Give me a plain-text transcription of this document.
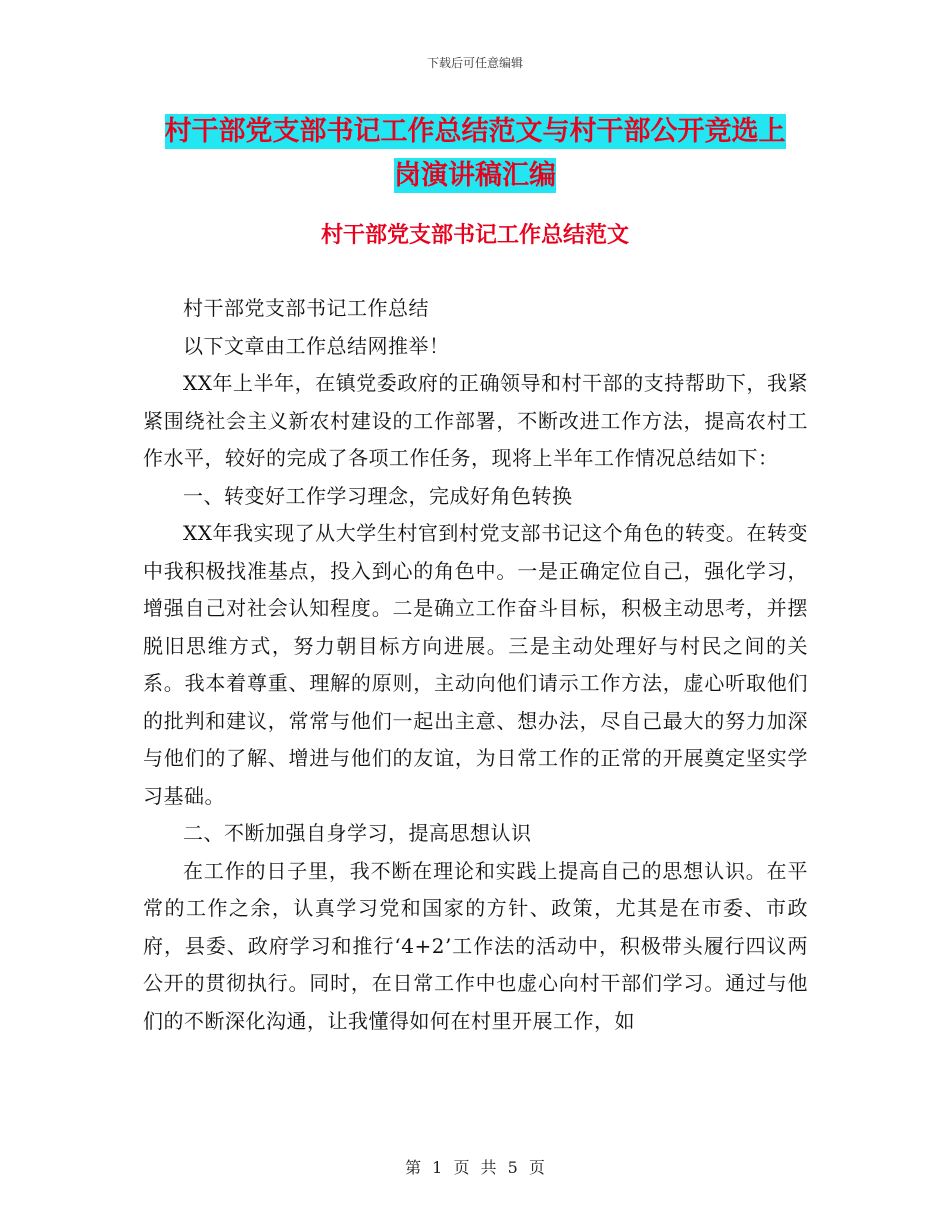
下载后可任意编辑
村干部党支部书记工作总结范文与村干部公开竞选上
岗演讲稿汇编
村干部党支部书记工作总结范文

村干部党支部书记工作总结

以下文章由工作总结网推举！

XX年上半年，在镇党委政府的正确领导和村干部的支持帮助下，我紧紧围绕社会主义新农村建设的工作部署，不断改进工作方法，提高农村工作水平，较好的完成了各项工作任务，现将上半年工作情况总结如下：

一、转变好工作学习理念，完成好角色转换

XX年我实现了从大学生村官到村党支部书记这个角色的转变。在转变中我积极找准基点，投入到心的角色中。一是正确定位自己，强化学习，增强自己对社会认知程度。二是确立工作奋斗目标，积极主动思考，并摆脱旧思维方式，努力朝目标方向进展。三是主动处理好与村民之间的关系。我本着尊重、理解的原则，主动向他们请示工作方法，虚心听取他们的批判和建议，常常与他们一起出主意、想办法，尽自己最大的努力加深与他们的了解、增进与他们的友谊，为日常工作的正常的开展奠定坚实学习基础。

二、不断加强自身学习，提高思想认识

在工作的日子里，我不断在理论和实践上提高自己的思想认识。在平常的工作之余，认真学习党和国家的方针、政策，尤其是在市委、市政府，县委、政府学习和推行‘4+2’工作法的活动中，积极带头履行四议两公开的贯彻执行。同时，在日常工作中也虚心向村干部们学习。通过与他们的不断深化沟通，让我懂得如何在村里开展工作，如

第 1 页 共 5 页
